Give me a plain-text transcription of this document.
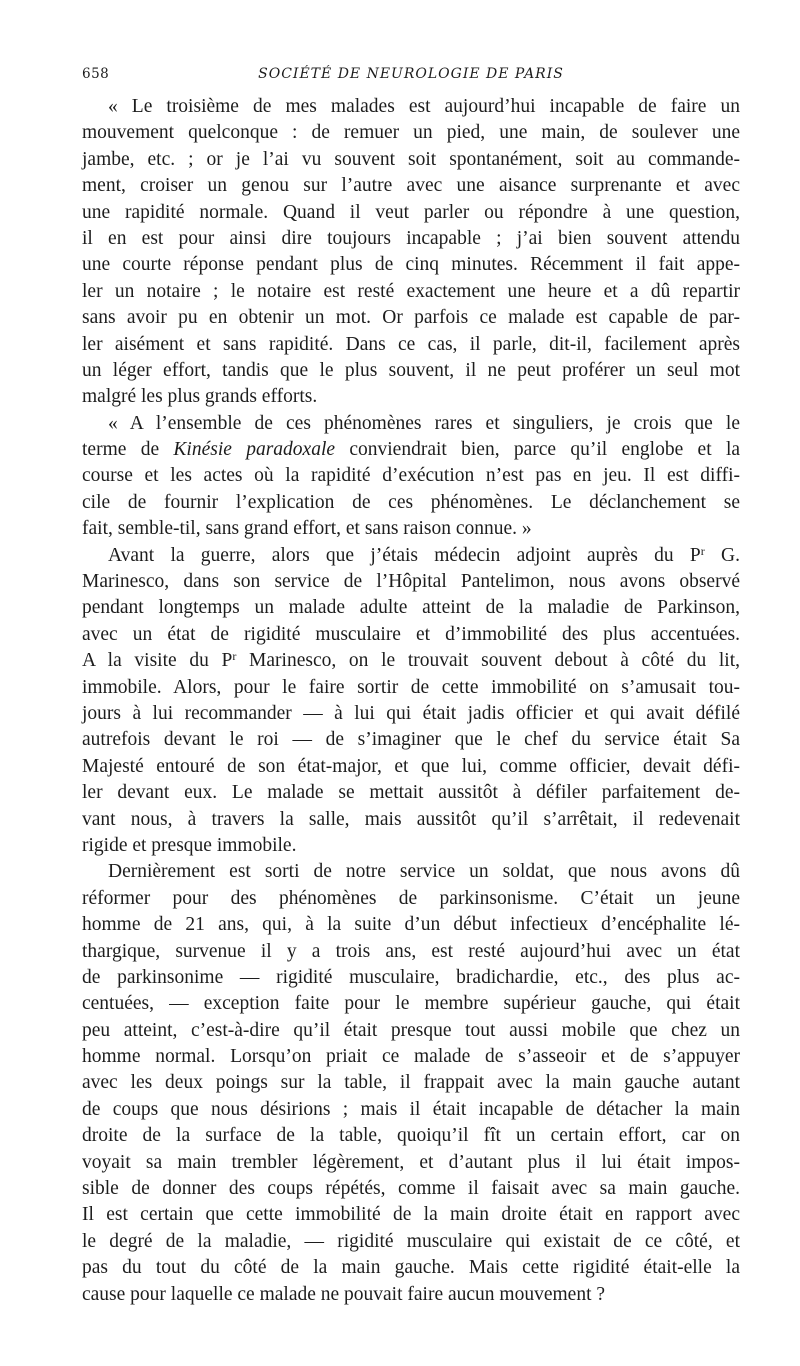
658	SOCIÉTÉ DE NEUROLOGIE DE PARIS
« Le troisième de mes malades est aujourd’hui incapable de faire un
mouvement quelconque : de remuer un pied, une main, de soulever une
jambe, etc. ; or je l’ai vu souvent soit spontanément, soit au commande-
ment, croiser un genou sur l’autre avec une aisance surprenante et avec
une rapidité normale. Quand il veut parler ou répondre à une question,
il en est pour ainsi dire toujours incapable ; j’ai bien souvent attendu
une courte réponse pendant plus de cinq minutes. Récemment il fait appe-
ler un notaire ; le notaire est resté exactement une heure et a dû repartir
sans avoir pu en obtenir un mot. Or parfois ce malade est capable de par-
ler aisément et sans rapidité. Dans ce cas, il parle, dit-il, facilement après
un léger effort, tandis que le plus souvent, il ne peut proférer un seul mot
malgré les plus grands efforts.
« A l’ensemble de ces phénomènes rares et singuliers, je crois que le
terme de Kinésie paradoxale conviendrait bien, parce qu’il englobe et la
course et les actes où la rapidité d’exécution n’est pas en jeu. Il est diffi-
cile de fournir l’explication de ces phénomènes. Le déclanchement se
fait, semble-til, sans grand effort, et sans raison connue. »
Avant la guerre, alors que j’étais médecin adjoint auprès du $P^r$ G.
Marinesco, dans son service de l’Hôpital Pantelimon, nous avons observé
pendant longtemps un malade adulte atteint de la maladie de Parkinson,
avec un état de rigidité musculaire et d’immobilité des plus accentuées.
A la visite du $P^r$ Marinesco, on le trouvait souvent debout à côté du lit,
immobile. Alors, pour le faire sortir de cette immobilité on s’amusait tou-
jours à lui recommander — à lui qui était jadis officier et qui avait défilé
autrefois devant le roi — de s’imaginer que le chef du service était Sa
Majesté entouré de son état-major, et que lui, comme officier, devait défi-
ler devant eux. Le malade se mettait aussitôt à défiler parfaitement de-
vant nous, à travers la salle, mais aussitôt qu’il s’arrêtait, il redevenait
rigide et presque immobile.
Dernièrement est sorti de notre service un soldat, que nous avons dû
réformer pour des phénomènes de parkinsonisme. C’était un jeune
homme de 21 ans, qui, à la suite d’un début infectieux d’encéphalite lé-
thargique, survenue il y a trois ans, est resté aujourd’hui avec un état
de parkinsonime — rigidité musculaire, bradichardie, etc., des plus ac-
centuées, — exception faite pour le membre supérieur gauche, qui était
peu atteint, c’est-à-dire qu’il était presque tout aussi mobile que chez un
homme normal. Lorsqu’on priait ce malade de s’asseoir et de s’appuyer
avec les deux poings sur la table, il frappait avec la main gauche autant
de coups que nous désirions ; mais il était incapable de détacher la main
droite de la surface de la table, quoiqu’il fît un certain effort, car on
voyait sa main trembler légèrement, et d’autant plus il lui était impos-
sible de donner des coups répétés, comme il faisait avec sa main gauche.
Il est certain que cette immobilité de la main droite était en rapport avec
le degré de la maladie, — rigidité musculaire qui existait de ce côté, et
pas du tout du côté de la main gauche. Mais cette rigidité était-elle la
cause pour laquelle ce malade ne pouvait faire aucun mouvement ?
